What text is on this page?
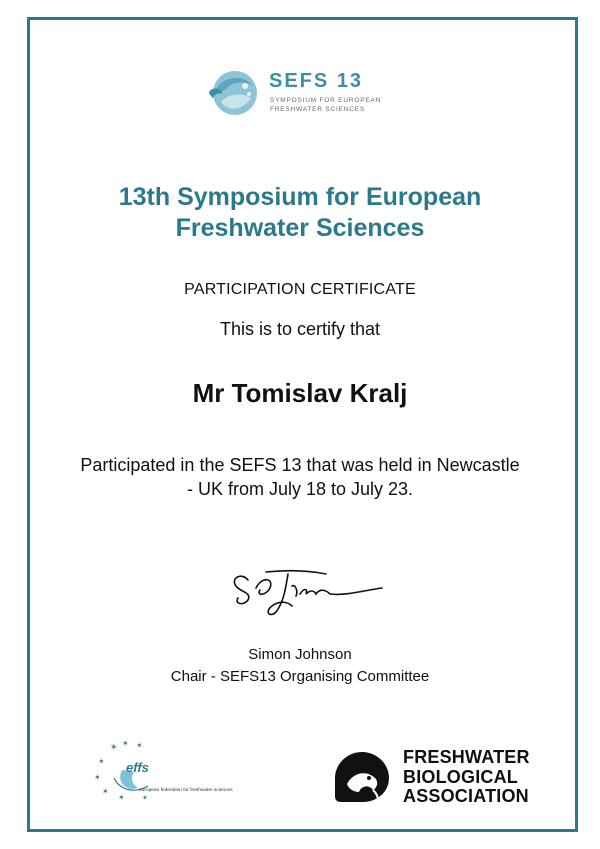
SEFS 13
SYMPOSIUM FOR EUROPEAN
FRESHWATER SCIENCES
13th Symposium for European
Freshwater Sciences
PARTICIPATION CERTIFICATE
This is to certify that
Mr Tomislav Kralj
Participated in the SEFS 13 that was held in Newcastle
- UK from July 18 to July 23.
Simon Johnson
Chair - SEFS13 Organising Committee
✶
✶
✶
✶
✶ ✶
✶ ✶
effs
european federation for freshwater sciences
FRESHWATER
BIOLOGICAL
ASSOCIATION
